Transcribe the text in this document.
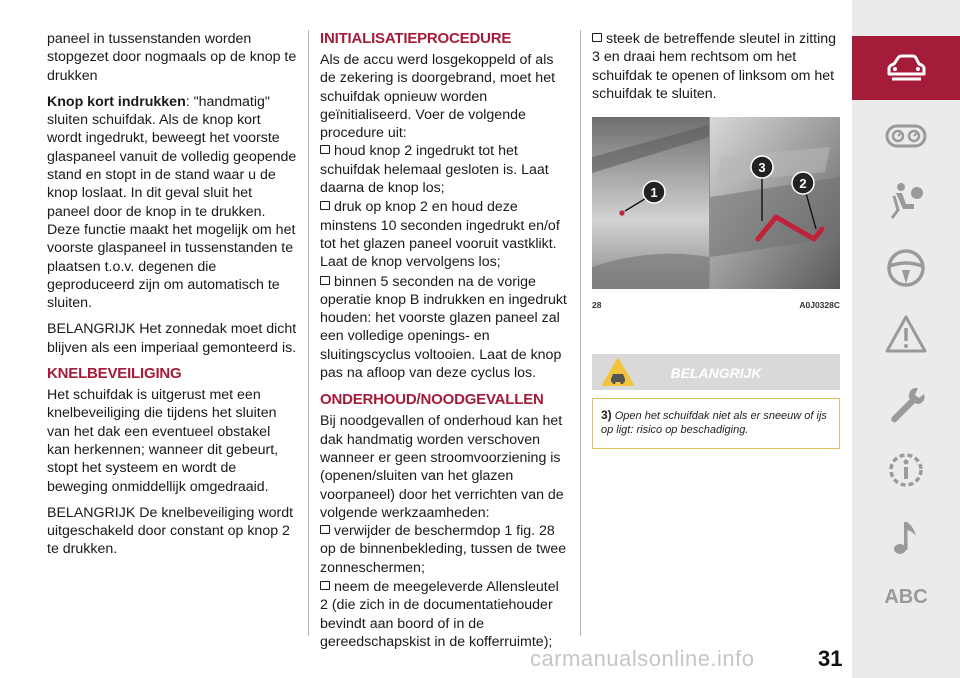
paneel in tussenstanden worden stopgezet door nogmaals op de knop te drukken

Knop kort indrukken: "handmatig" sluiten schuifdak. Als de knop kort wordt ingedrukt, beweegt het voorste glaspaneel vanuit de volledig geopende stand en stopt in de stand waar u de knop loslaat. In dit geval sluit het paneel door de knop in te drukken. Deze functie maakt het mogelijk om het voorste glaspaneel in tussenstanden te plaatsen t.o.v. degenen die geproduceerd zijn om automatisch te sluiten.

BELANGRIJK Het zonnedak moet dicht blijven als een imperiaal gemonteerd is.

KNELBEVEILIGING

Het schuifdak is uitgerust met een knelbeveiliging die tijdens het sluiten van het dak een eventueel obstakel kan herkennen; wanneer dit gebeurt, stopt het systeem en wordt de beweging onmiddellijk omgedraaid.

BELANGRIJK De knelbeveiliging wordt uitgeschakeld door constant op knop 2 te drukken.

INITIALISATIEPROCEDURE

Als de accu werd losgekoppeld of als de zekering is doorgebrand, moet het schuifdak opnieuw worden geïnitialiseerd. Voer de volgende procedure uit:

houd knop 2 ingedrukt tot het schuifdak helemaal gesloten is. Laat daarna de knop los;
druk op knop 2 en houd deze minstens 10 seconden ingedrukt en/of tot het glazen paneel vooruit vastklikt. Laat de knop vervolgens los;
binnen 5 seconden na de vorige operatie knop B indrukken en ingedrukt houden: het voorste glazen paneel zal een volledige openings- en sluitingscyclus voltooien. Laat de knop pas na afloop van deze cyclus los.
ONDERHOUD/NOODGEVALLEN

Bij noodgevallen of onderhoud kan het dak handmatig worden verschoven wanneer er geen stroomvoorziening is (openen/sluiten van het glazen voorpaneel) door het verrichten van de volgende werkzaamheden:

verwijder de beschermdop 1 fig. 28 op de binnenbekleding, tussen de twee zonneschermen;
neem de meegeleverde Allensleutel 2 (die zich in de documentatiehouder bevindt aan boord of in de gereedschapskist in de kofferruimte);
steek de betreffende sleutel in zitting 3 en draai hem rechtsom om het schuifdak te openen of linksom om het schuifdak te sluiten.
1
3
2
28	A0J0328C
BELANGRIJK
3) Open het schuifdak niet als er sneeuw of ijs op ligt: risico op beschadiging.
ABC
carmanualsonline.info	31
